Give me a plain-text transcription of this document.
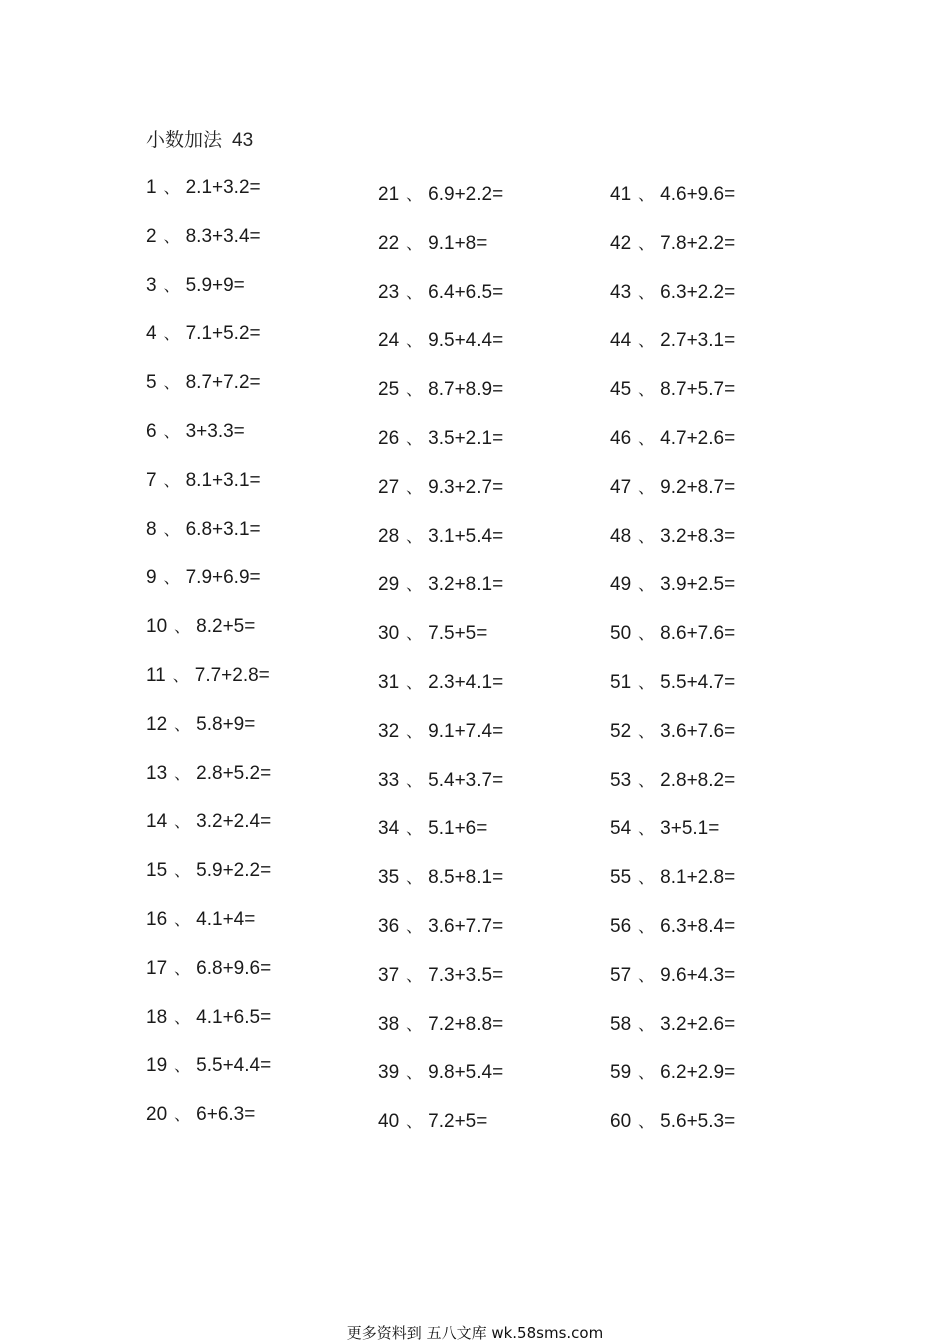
小数加法 43
1 、 2.1+3.2=
2 、 8.3+3.4=
3 、 5.9+9=
4 、 7.1+5.2=
5 、 8.7+7.2=
6 、 3+3.3=
7 、 8.1+3.1=
8 、 6.8+3.1=
9 、 7.9+6.9=
10 、 8.2+5=
11 、 7.7+2.8=
12 、 5.8+9=
13 、 2.8+5.2=
14 、 3.2+2.4=
15 、 5.9+2.2=
16 、 4.1+4=
17 、 6.8+9.6=
18 、 4.1+6.5=
19 、 5.5+4.4=
20 、 6+6.3=
21 、 6.9+2.2=
22 、 9.1+8=
23 、 6.4+6.5=
24 、 9.5+4.4=
25 、 8.7+8.9=
26 、 3.5+2.1=
27 、 9.3+2.7=
28 、 3.1+5.4=
29 、 3.2+8.1=
30 、 7.5+5=
31 、 2.3+4.1=
32 、 9.1+7.4=
33 、 5.4+3.7=
34 、 5.1+6=
35 、 8.5+8.1=
36 、 3.6+7.7=
37 、 7.3+3.5=
38 、 7.2+8.8=
39 、 9.8+5.4=
40 、 7.2+5=
41 、 4.6+9.6=
42 、 7.8+2.2=
43 、 6.3+2.2=
44 、 2.7+3.1=
45 、 8.7+5.7=
46 、 4.7+2.6=
47 、 9.2+8.7=
48 、 3.2+8.3=
49 、 3.9+2.5=
50 、 8.6+7.6=
51 、 5.5+4.7=
52 、 3.6+7.6=
53 、 2.8+8.2=
54 、 3+5.1=
55 、 8.1+2.8=
56 、 6.3+8.4=
57 、 9.6+4.3=
58 、 3.2+2.6=
59 、 6.2+2.9=
60 、 5.6+5.3=
更多资料到 五八文库 wk.58sms.com
